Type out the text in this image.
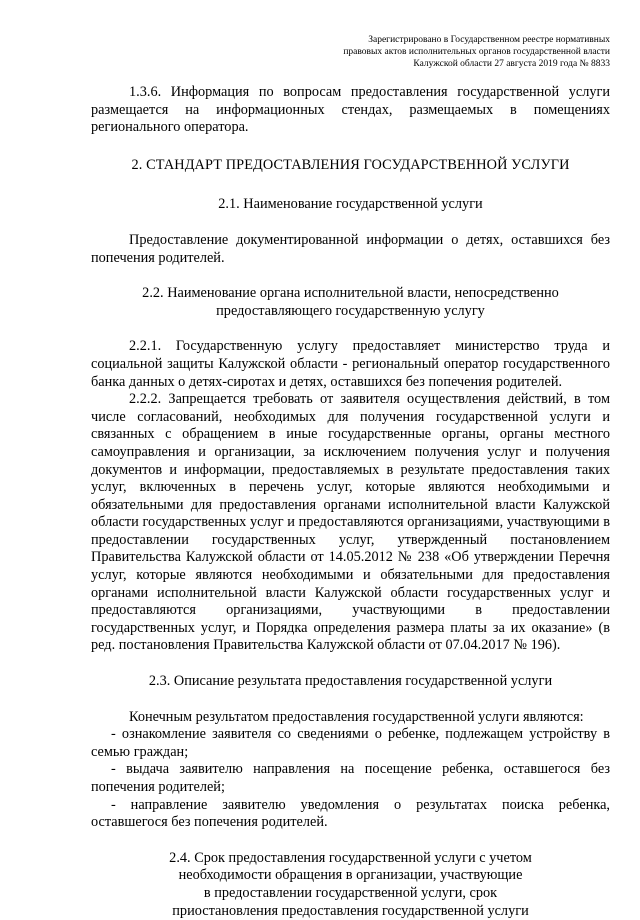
Зарегистрировано в Государственном реестре нормативных
правовых актов исполнительных органов государственной власти
Калужской области 27 августа 2019 года № 8833

1.3.6. Информация по вопросам предоставления государственной услуги размещается на информационных стендах, размещаемых в помещениях регионального оператора.

2. СТАНДАРТ ПРЕДОСТАВЛЕНИЯ ГОСУДАРСТВЕННОЙ УСЛУГИ

2.1. Наименование государственной услуги

Предоставление документированной информации о детях, оставшихся без попечения родителей.

2.2. Наименование органа исполнительной власти, непосредственно

предоставляющего государственную услугу

2.2.1. Государственную услугу предоставляет министерство труда и социальной защиты Калужской области - региональный оператор государственного банка данных о детях-сиротах и детях, оставшихся без попечения родителей.

2.2.2. Запрещается требовать от заявителя осуществления действий, в том числе согласований, необходимых для получения государственной услуги и связанных с обращением в иные государственные органы, органы местного самоуправления и организации, за исключением получения услуг и получения документов и информации, предоставляемых в результате предоставления таких услуг, включенных в перечень услуг, которые являются необходимыми и обязательными для предоставления органами исполнительной власти Калужской области государственных услуг и предоставляются организациями, участвующими в предоставлении государственных услуг, утвержденный постановлением Правительства Калужской области от 14.05.2012 № 238 «Об утверждении Перечня услуг, которые являются необходимыми и обязательными для предоставления органами исполнительной власти Калужской области государственных услуг и предоставляются организациями, участвующими в предоставлении государственных услуг, и Порядка определения размера платы за их оказание» (в ред. постановления Правительства Калужской области от 07.04.2017 № 196).

2.3. Описание результата предоставления государственной услуги

Конечным результатом предоставления государственной услуги являются:

- ознакомление заявителя со сведениями о ребенке, подлежащем устройству в семью граждан;

- выдача заявителю направления на посещение ребенка, оставшегося без попечения родителей;

- направление заявителю уведомления о результатах поиска ребенка, оставшегося без попечения родителей.

2.4. Срок предоставления государственной услуги с учетом

необходимости обращения в организации, участвующие

в предоставлении государственной услуги, срок

приостановления предоставления государственной услуги
